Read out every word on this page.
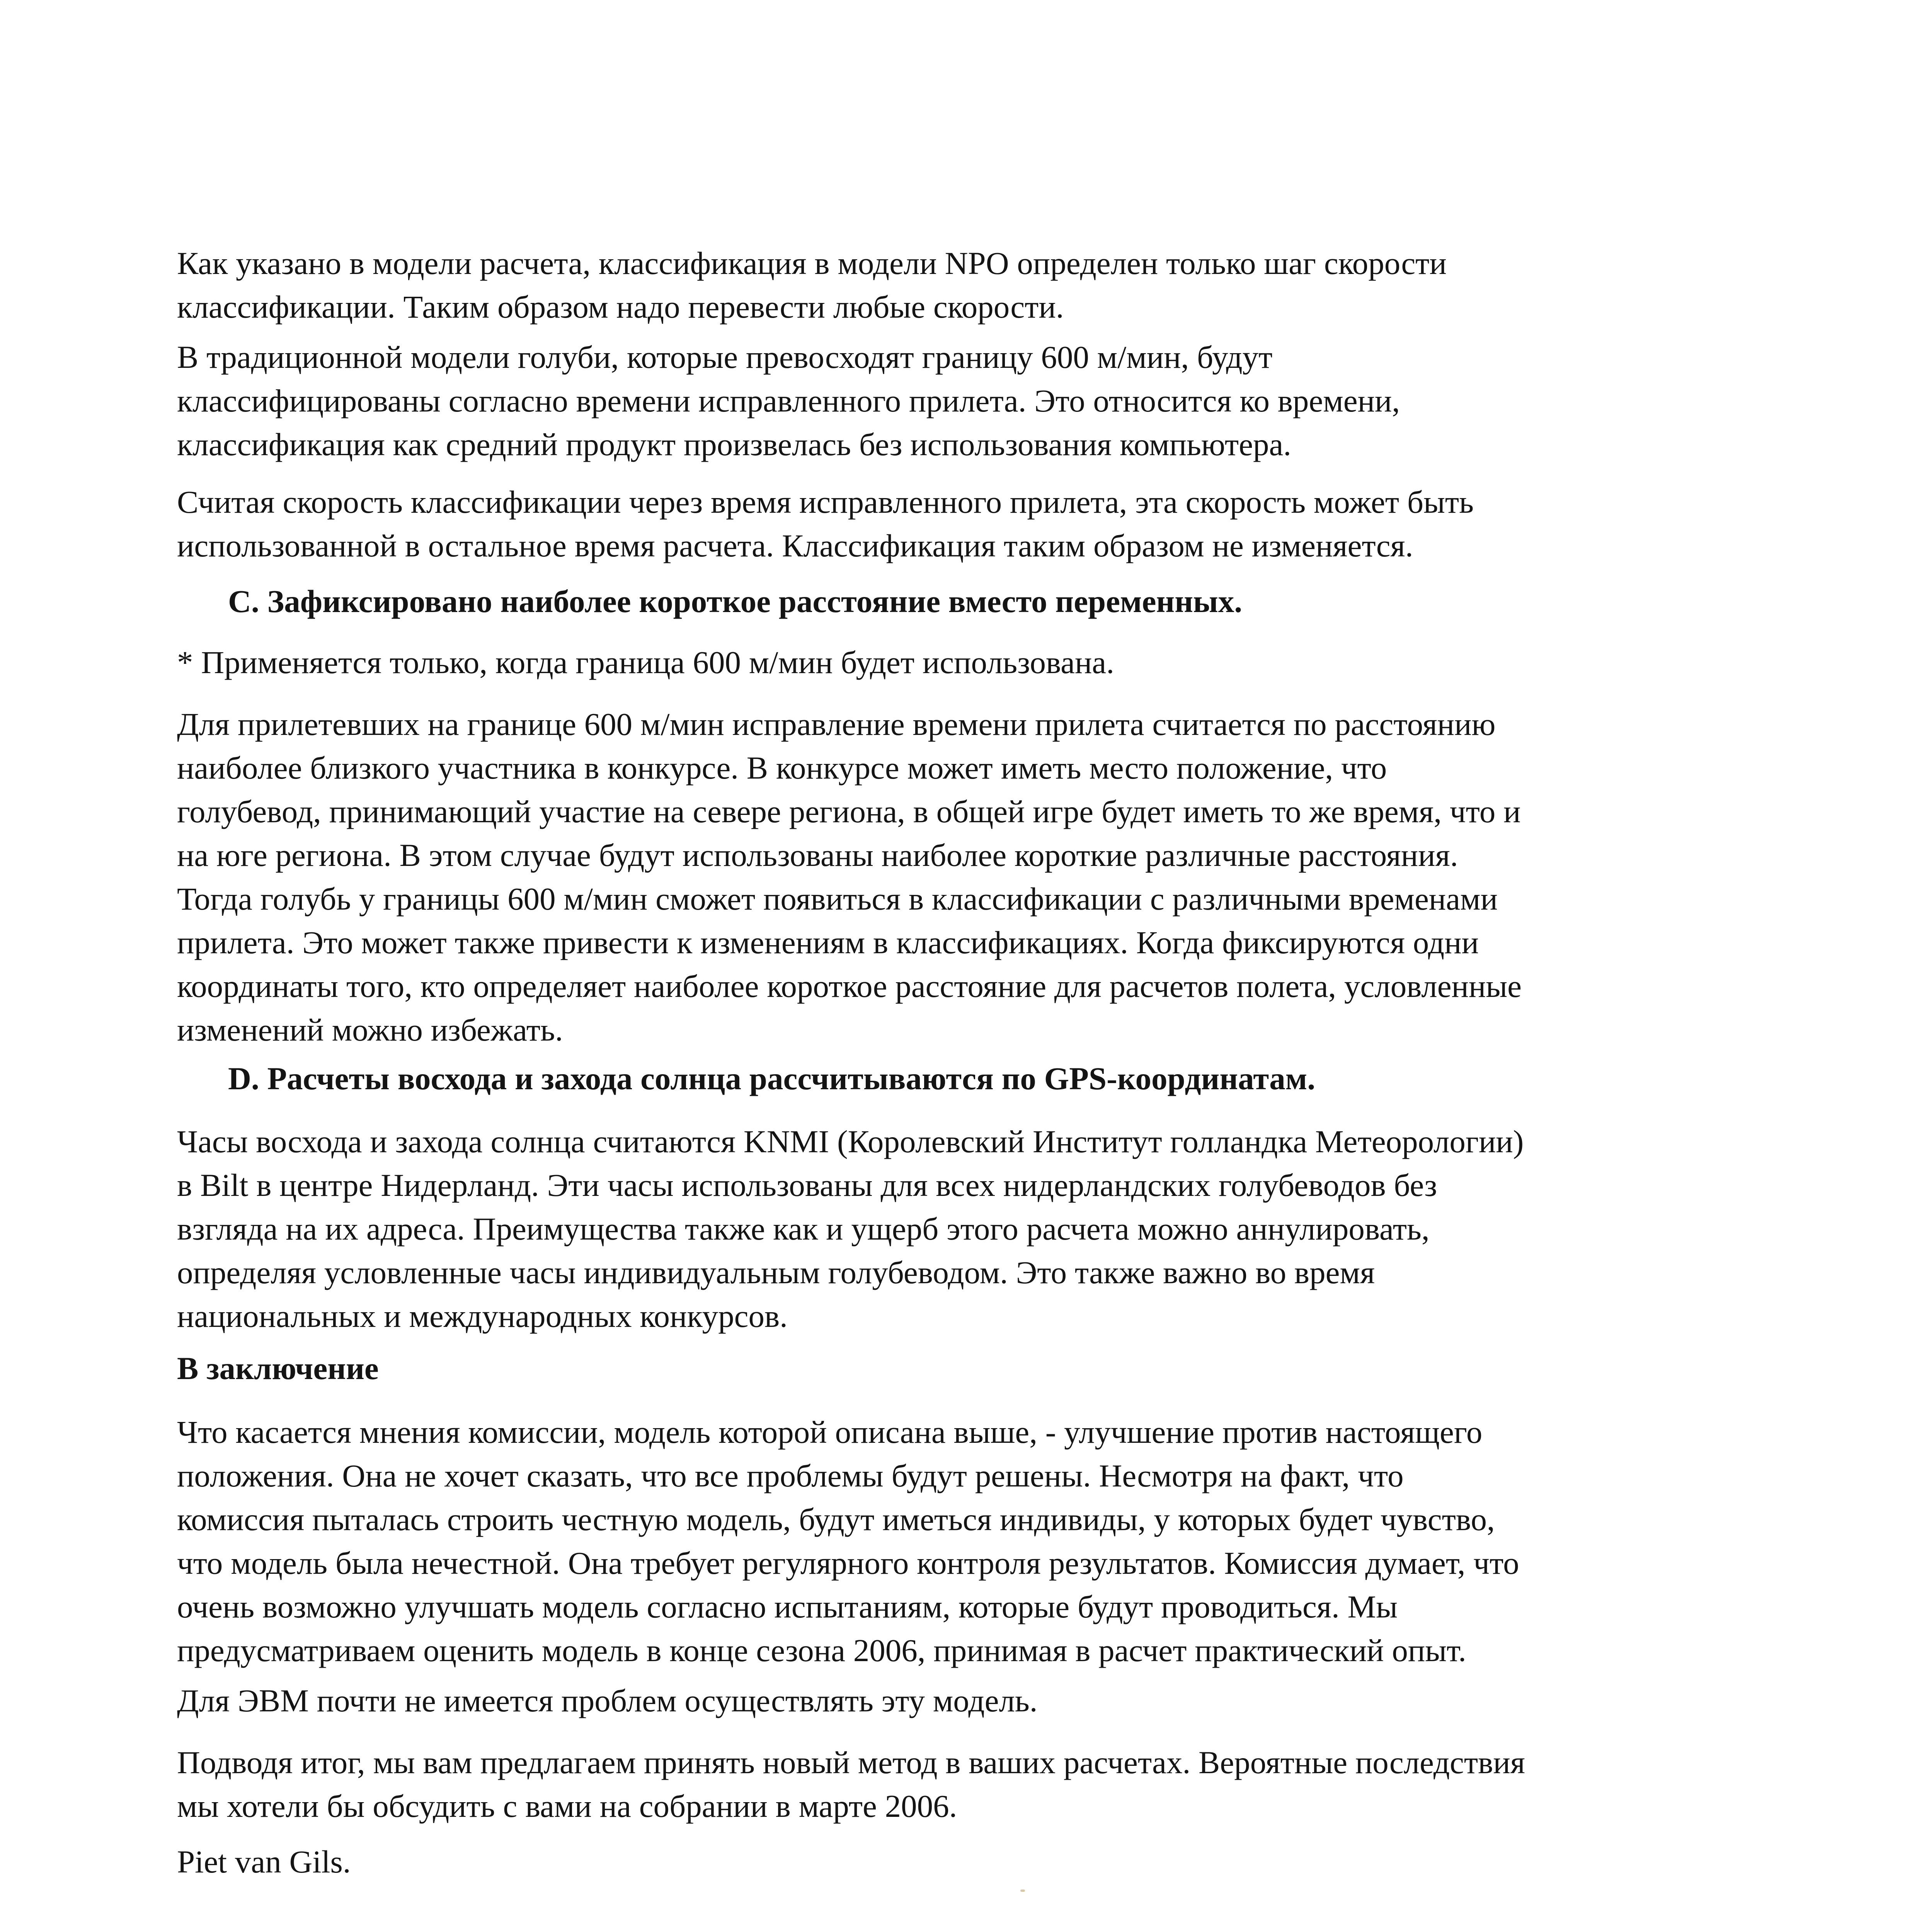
Как указано в модели расчета, классификация в модели NPO определен только шаг скорости
классификации. Таким образом надо перевести любые скорости.

В традиционной модели голуби, которые превосходят границу 600 м/мин, будут
классифицированы согласно времени исправленного прилета. Это относится ко времени,
классификация как средний продукт произвелась без использования компьютера.

Считая скорость классификации через время исправленного прилета, эта скорость может быть
использованной в остальное время расчета. Классификация таким образом не изменяется.

С. Зафиксировано наиболее короткое расстояние вместо переменных.

* Применяется только, когда граница 600 м/мин будет использована.

Для прилетевших на границе 600 м/мин исправление времени прилета считается по расстоянию
наиболее близкого участника в конкурсе. В конкурсе может иметь место положение, что
голубевод, принимающий участие на севере региона, в общей игре будет иметь то же время, что и
на юге региона. В этом случае будут использованы наиболее короткие различные расстояния.
Тогда голубь у границы 600 м/мин сможет появиться в классификации с различными временами
прилета. Это может также привести к изменениям в классификациях. Когда фиксируются одни
координаты того, кто определяет наиболее короткое расстояние для расчетов полета, условленные
изменений можно избежать.

D. Расчеты восхода и захода солнца рассчитываются по GPS-координатам.

Часы восхода и захода солнца считаются KNMI (Королевский Институт голландка Метеорологии)
в Bilt в центре Нидерланд. Эти часы использованы для всех нидерландских голубеводов без
взгляда на их адреса. Преимущества также как и ущерб этого расчета можно аннулировать,
определяя условленные часы индивидуальным голубеводом. Это также важно во время
национальных и международных конкурсов.

В заключение

Что касается мнения комиссии, модель которой описана выше, - улучшение против настоящего
положения. Она не хочет сказать, что все проблемы будут решены. Несмотря на факт, что
комиссия пыталась строить честную модель, будут иметься индивиды, у которых будет чувство,
что модель была нечестной. Она требует регулярного контроля результатов. Комиссия думает, что
очень возможно улучшать модель согласно испытаниям, которые будут проводиться. Мы
предусматриваем оценить модель в конце сезона 2006, принимая в расчет практический опыт.

Для ЭВМ почти не имеется проблем осуществлять эту модель.

Подводя итог, мы вам предлагаем принять новый метод в ваших расчетах. Вероятные последствия
мы хотели бы обсудить с вами на собрании в марте 2006.

Piet van Gils.
